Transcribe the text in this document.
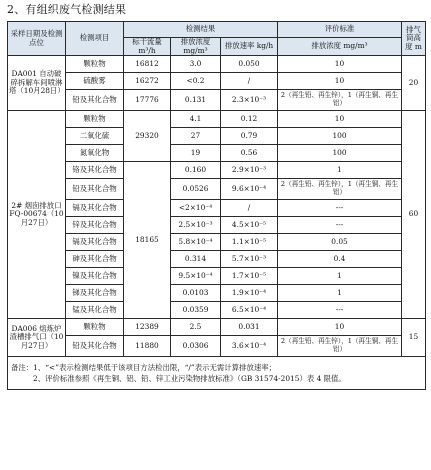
2、有组织废气检测结果
采样日期及检测点位	检测项目	检测结果			评价标准	排气筒高度 m
		标干流量 m³/h	排放浓度 mg/m³	排放速率 kg/h	排放浓度 mg/m³	
DA001 自动破碎拆解车间喷淋塔（10月28日）	颗粒物	16812	3.0	0.050	10	20
	硫酸雾	16272	<0.2	/	10	
	铅及其化合物	17776	0.131	2.3×10⁻³	2（再生铅、再生锌），1（再生铜、再生铝）	
2# 烟囱排放口 FQ-00674（10月27日）	颗粒物	29320	4.1	0.12	10	60
	二氧化硫		27	0.79	100	
	氮氧化物		19	0.56	100	
	铬及其化合物	18165	0.160	2.9×10⁻³	1	
	铅及其化合物		0.0526	9.6×10⁻⁴	2（再生铅、再生锌），1（再生铜、再生铝）	
	镉及其化合物		<2×10⁻⁴	/	---	
	锌及其化合物		2.5×10⁻³	4.5×10⁻⁵	---	
	镉及其化合物		5.8×10⁻⁴	1.1×10⁻⁵	0.05	
	砷及其化合物		0.314	5.7×10⁻³	0.4	
	镍及其化合物		9.5×10⁻⁴	1.7×10⁻⁵	1	
	锑及其化合物		0.0103	1.9×10⁻⁴	1	
	锰及其化合物		0.0359	6.5×10⁻⁴	---	
DA006 熔炼炉渣槽排气口（10月27日）	颗粒物	12389	2.5	0.031	10	15
	铅及其化合物	11880	0.0306	3.6×10⁻⁴	2（再生铅、再生锌），1（再生铜、再生铝）	

备注：1、“<”表示检测结果低于该项目方法检出限，“/”表示无需计算排放速率；
2、评价标准参照《再生铜、铝、铅、锌工业污染物排放标准》（GB 31574-2015）表 4 限值。						
